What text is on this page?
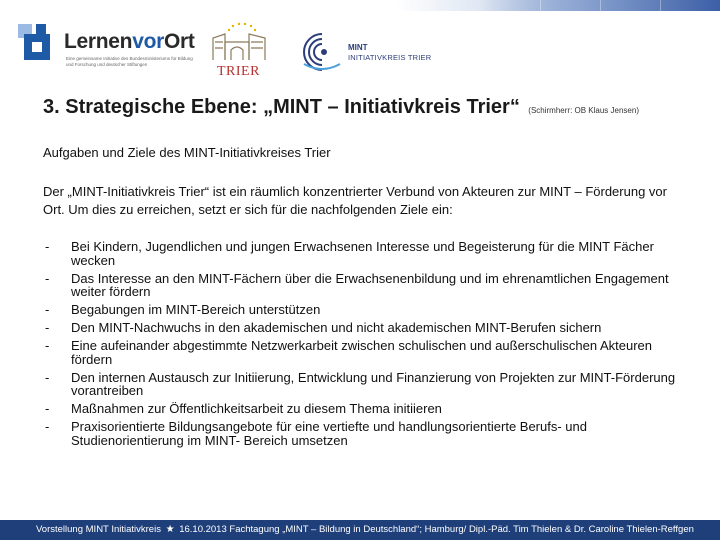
LernenvorOrt
Eine gemeinsame Initiative des Bundesministeriums für Bildung und Forschung und deutscher Stiftungen	TRIER
MINT
INITIATIVKREIS TRIER
3. Strategische Ebene: „MINT – Initiativkreis Trier“ (Schirmherr: OB Klaus Jensen)
Aufgaben und Ziele des MINT-Initiativkreises Trier
Der „MINT-Initiativkreis Trier“ ist ein räumlich konzentrierter Verbund von Akteuren zur MINT – Förderung vor Ort. Um dies zu erreichen, setzt er sich für die nachfolgenden Ziele ein:
- Bei Kindern, Jugendlichen und jungen Erwachsenen Interesse und Begeisterung für die MINT Fächer wecken
- Das Interesse an den MINT-Fächern über die Erwachsenenbildung und im ehrenamtlichen Engagement weiter fördern
- Begabungen im MINT-Bereich unterstützen
- Den MINT-Nachwuchs in den akademischen und nicht akademischen MINT-Berufen sichern
- Eine aufeinander abgestimmte Netzwerkarbeit zwischen schulischen und außerschulischen Akteuren fördern
- Den internen Austausch zur Initiierung, Entwicklung und Finanzierung von Projekten zur MINT-Förderung vorantreiben
- Maßnahmen zur Öffentlichkeitsarbeit zu diesem Thema initiieren
- Praxisorientierte Bildungsangebote für eine vertiefte und handlungsorientierte Berufs- und Studienorientierung im MINT- Bereich umsetzen
Vorstellung MINT Initiativkreis ★ 16.10.2013 Fachtagung „MINT – Bildung in Deutschland“; Hamburg/ Dipl.-Päd. Tim Thielen & Dr. Caroline Thielen-Reffgen
